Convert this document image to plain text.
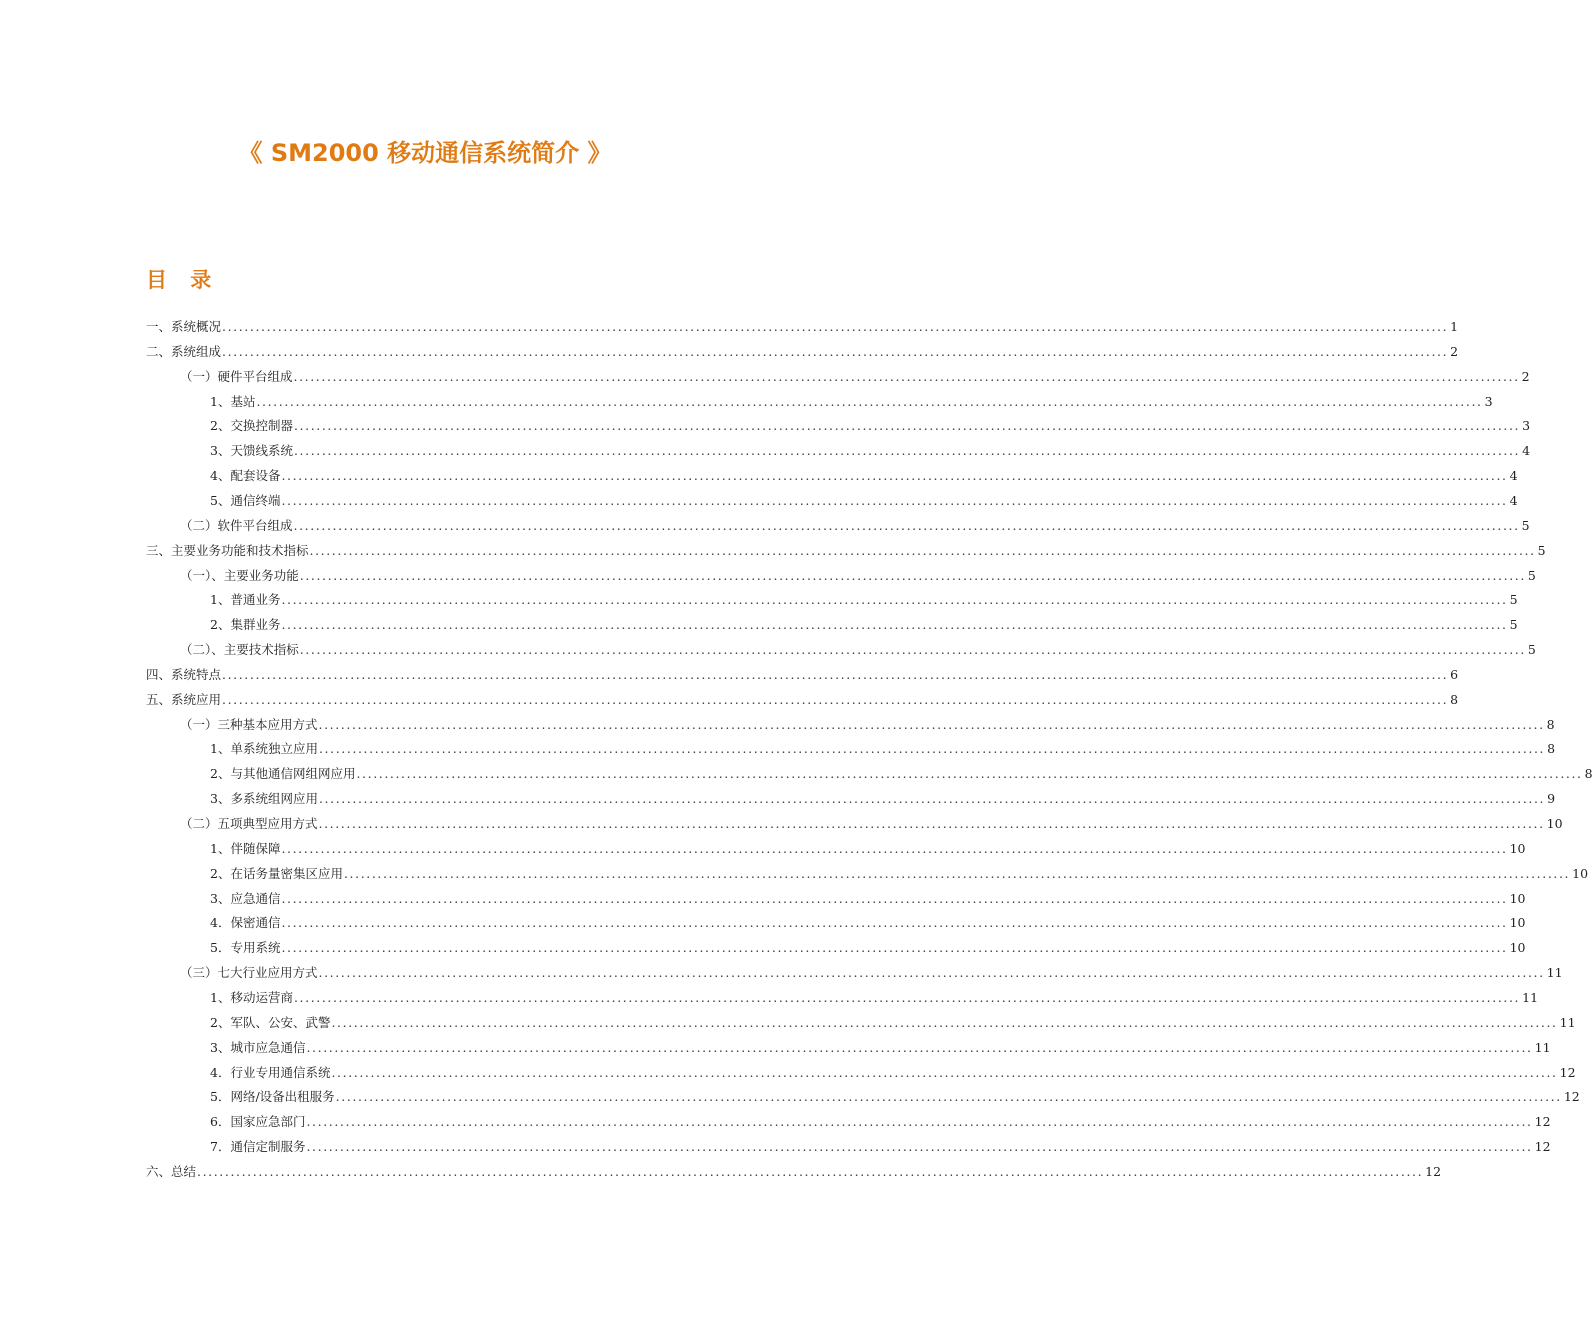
《 SM2000 移动通信系统简介 》
目 录
一、系统概况 ............................................................................................................................................................................................................................ 1
二、系统组成 ............................................................................................................................................................................................................................ 2
（一）硬件平台组成 ............................................................................................................................................................................................................................ 2
1、基站 ............................................................................................................................................................................................................................ 3
2、交换控制器 ............................................................................................................................................................................................................................ 3
3、天馈线系统 ............................................................................................................................................................................................................................ 4
4、配套设备 ............................................................................................................................................................................................................................ 4
5、通信终端 ............................................................................................................................................................................................................................ 4
（二）软件平台组成 ............................................................................................................................................................................................................................ 5
三、主要业务功能和技术指标 ............................................................................................................................................................................................................................ 5
（一）、主要业务功能 ............................................................................................................................................................................................................................ 5
1、普通业务 ............................................................................................................................................................................................................................ 5
2、集群业务 ............................................................................................................................................................................................................................ 5
（二）、主要技术指标 ............................................................................................................................................................................................................................ 5
四、系统特点 ............................................................................................................................................................................................................................ 6
五、系统应用 ............................................................................................................................................................................................................................ 8
（一）三种基本应用方式 ............................................................................................................................................................................................................................ 8
1、单系统独立应用 ............................................................................................................................................................................................................................ 8
2、与其他通信网组网应用 ............................................................................................................................................................................................................................ 8
3、多系统组网应用 ............................................................................................................................................................................................................................ 9
（二）五项典型应用方式 ............................................................................................................................................................................................................................ 10
1、伴随保障 ............................................................................................................................................................................................................................ 10
2、在话务量密集区应用 ............................................................................................................................................................................................................................ 10
3、应急通信 ............................................................................................................................................................................................................................ 10
4．保密通信 ............................................................................................................................................................................................................................ 10
5．专用系统 ............................................................................................................................................................................................................................ 10
（三）七大行业应用方式 ............................................................................................................................................................................................................................ 11
1、移动运营商 ............................................................................................................................................................................................................................ 11
2、军队、公安、武警 ............................................................................................................................................................................................................................ 11
3、城市应急通信 ............................................................................................................................................................................................................................ 11
4．行业专用通信系统 ............................................................................................................................................................................................................................ 12
5．网络/设备出租服务 ............................................................................................................................................................................................................................ 12
6．国家应急部门 ............................................................................................................................................................................................................................ 12
7．通信定制服务 ............................................................................................................................................................................................................................ 12
六、总结 ............................................................................................................................................................................................................................ 12
